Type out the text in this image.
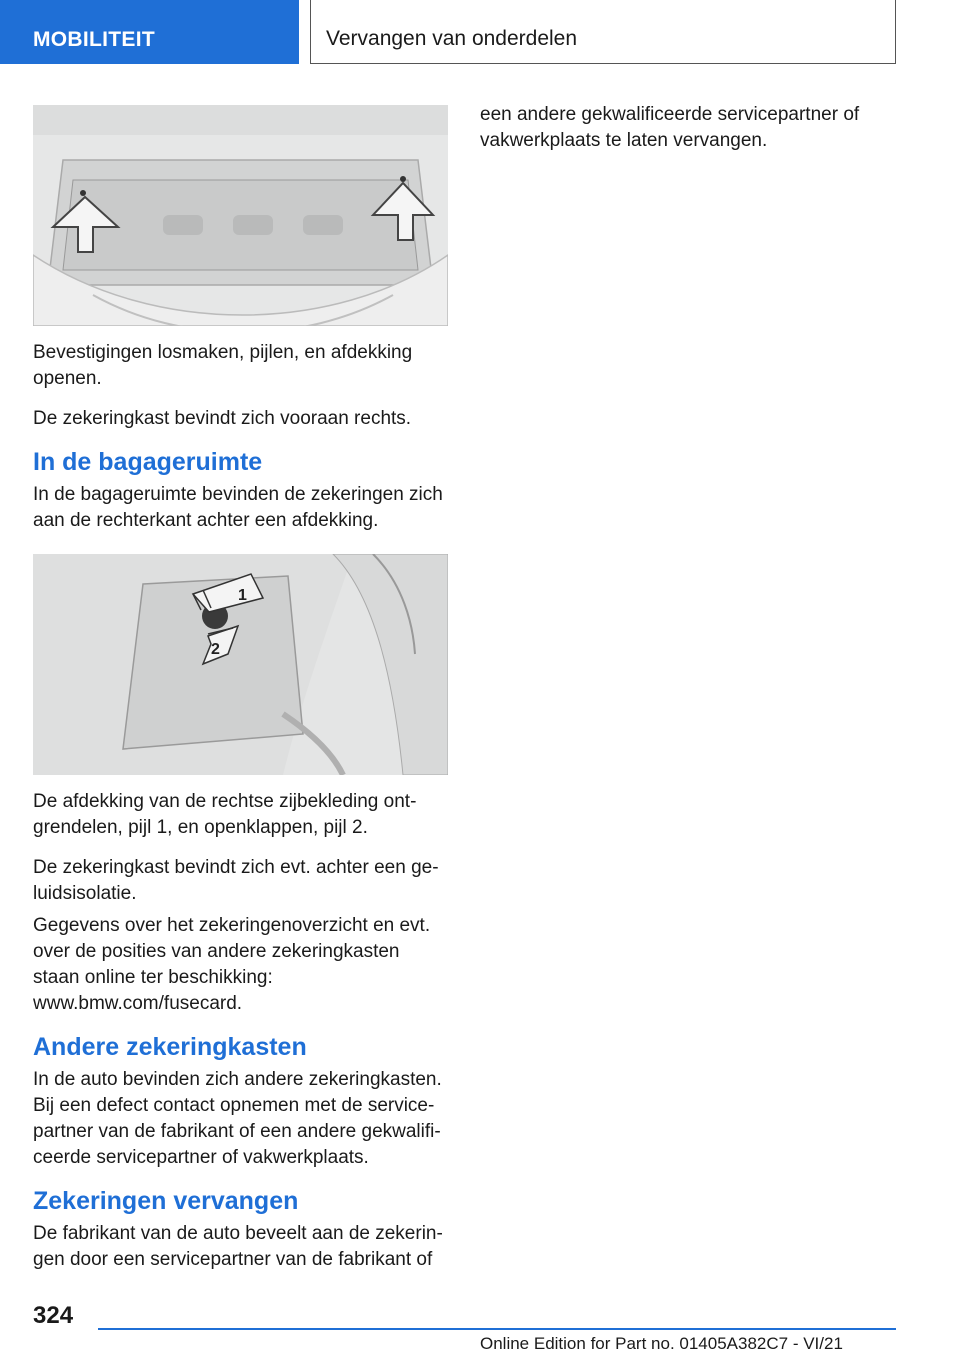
MOBILITEIT	Vervangen van onderdelen

Bevestigingen losmaken, pijlen, en afdekking openen.

De zekeringkast bevindt zich vooraan rechts.

In de bagageruimte

In de bagageruimte bevinden de zekeringen zich aan de rechterkant achter een afdekking.

1
2

De afdekking van de rechtse zijbekleding ont‐grendelen, pijl 1, en openklappen, pijl 2.

De zekeringkast bevindt zich evt. achter een ge‐luidsisolatie.

Gegevens over het zekeringenoverzicht en evt. over de posities van andere zekeringkasten staan online ter beschikking: www.bmw.com/fusecard.

Andere zekeringkasten

In de auto bevinden zich andere zekeringkasten. Bij een defect contact opnemen met de service‐partner van de fabrikant of een andere gekwalifi‐ceerde servicepartner of vakwerkplaats.

Zekeringen vervangen

De fabrikant van de auto beveelt aan de zekerin‐gen door een servicepartner van de fabrikant of

een andere gekwalificeerde servicepartner of vakwerkplaats te laten vervangen.

324
Online Edition for Part no. 01405A382C7 - VI/21
